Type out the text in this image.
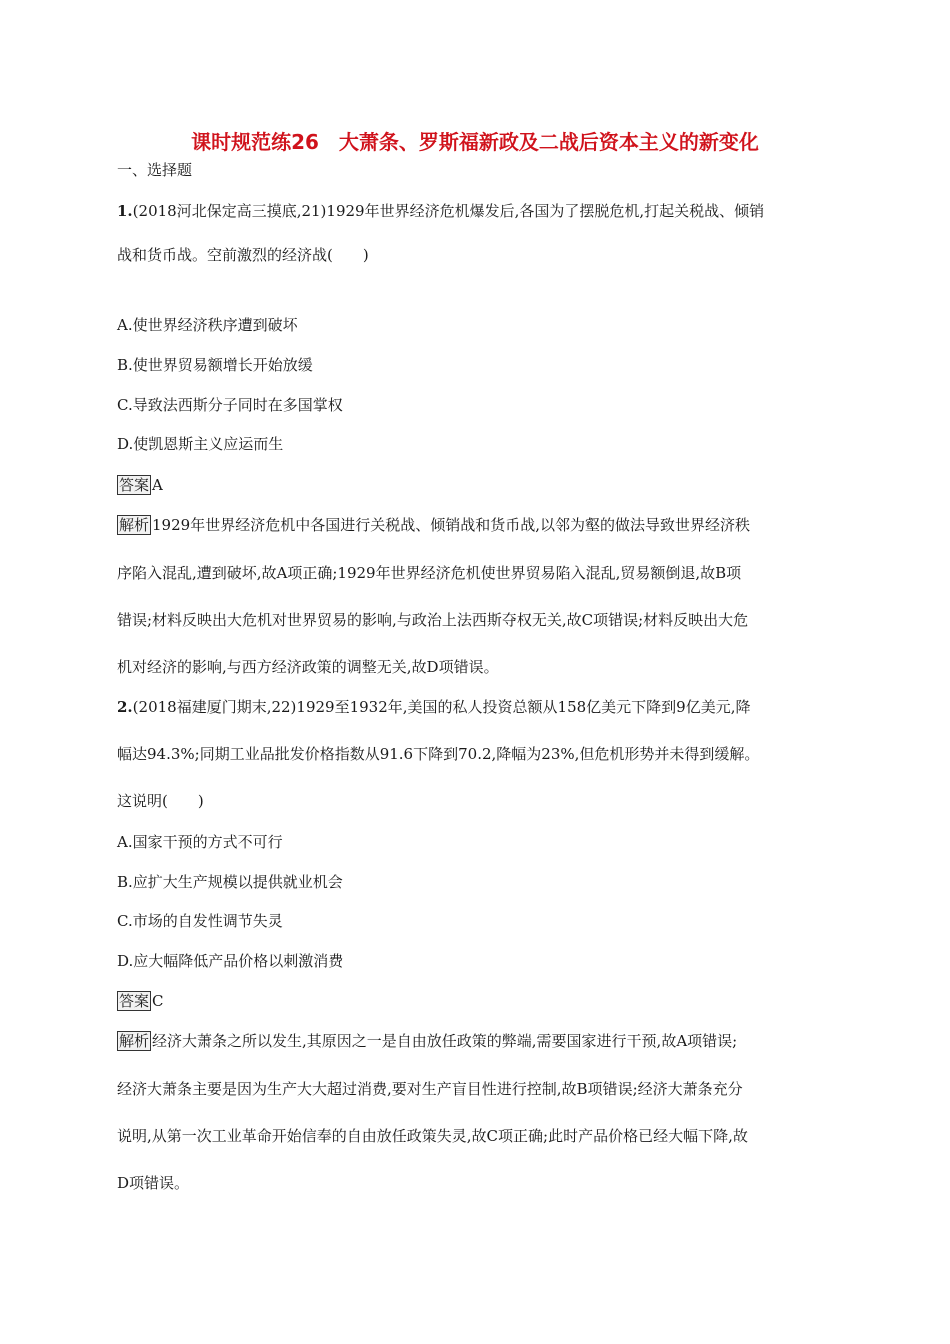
课时规范练26　大萧条、罗斯福新政及二战后资本主义的新变化
一、选择题
1.(2018河北保定高三摸底,21)1929年世界经济危机爆发后,各国为了摆脱危机,打起关税战、倾销
战和货币战。空前激烈的经济战(　　)
A.使世界经济秩序遭到破坏
B.使世界贸易额增长开始放缓
C.导致法西斯分子同时在多国掌权
D.使凯恩斯主义应运而生
答案 A
解析 1929年世界经济危机中各国进行关税战、倾销战和货币战,以邻为壑的做法导致世界经济秩
序陷入混乱,遭到破坏,故A项正确;1929年世界经济危机使世界贸易陷入混乱,贸易额倒退,故B项
错误;材料反映出大危机对世界贸易的影响,与政治上法西斯夺权无关,故C项错误;材料反映出大危
机对经济的影响,与西方经济政策的调整无关,故D项错误。
2.(2018福建厦门期末,22)1929至1932年,美国的私人投资总额从158亿美元下降到9亿美元,降
幅达94.3%;同期工业品批发价格指数从91.6下降到70.2,降幅为23%,但危机形势并未得到缓解。
这说明(　　)
A.国家干预的方式不可行
B.应扩大生产规模以提供就业机会
C.市场的自发性调节失灵
D.应大幅降低产品价格以刺激消费
答案 C
解析 经济大萧条之所以发生,其原因之一是自由放任政策的弊端,需要国家进行干预,故A项错误;
经济大萧条主要是因为生产大大超过消费,要对生产盲目性进行控制,故B项错误;经济大萧条充分
说明,从第一次工业革命开始信奉的自由放任政策失灵,故C项正确;此时产品价格已经大幅下降,故
D项错误。
